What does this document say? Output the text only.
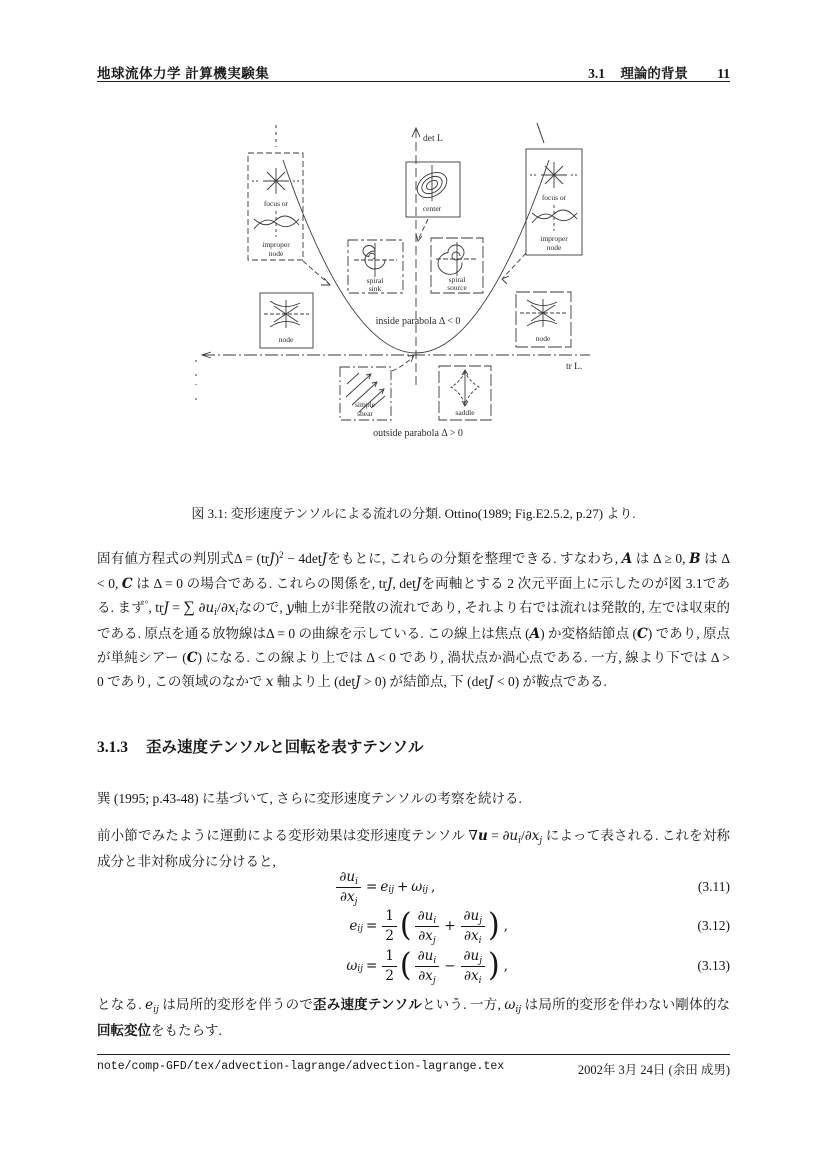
地球流体力学 計算機実験集	3.1 理論的背景 11
det L
tr L.
inside parabola Δ < 0
outside parabola Δ > 0
focus or
improper
node
focus or
improper
node
center
spiral
sink
spiral
source
node	node
simple
shear	saddle
図 3.1: 変形速度テンソルによる流れの分類. Ottino(1989; Fig.E2.5.2, p.27) より.
固有値方程式の判別式Δ = (trJ)$^2$ − 4detJをもとに, これらの分類を整理できる. すなわち, A は Δ ≥ 0, B は Δ < 0, C は Δ = 0 の場合である. これらの関係を, trJ, detJを両軸とする 2 次元平面上に示したのが図 3.1である. まず°, trJ = ∑ $\partial u_i/\partial x_i$なので, y軸上が非発散の流れであり, それより右では流れは発散的, 左では収束的である. 原点を通る放物線はΔ = 0 の曲線を示している. この線上は焦点 (A) か変格結節点 (C) であり, 原点が単純シアー (C) になる. この線より上では Δ < 0 であり, 渦状点か渦心点である. 一方, 線より下では Δ > 0 であり, この領域のなかで x 軸より上 (detJ > 0) が結節点, 下 (detJ < 0) が鞍点である.
3.1.3 歪み速度テンソルと回転を表すテンソル
巽 (1995; p.43-48) に基づいて, さらに変形速度テンソルの考察を続ける.
前小節でみたように運動による変形効果は変形速度テンソル $\nabla u = \partial u_i/\partial x_j$ によって表される. これを対称成分と非対称成分に分けると,
$\frac{\partial u_i}{\partial x_j} = e$ ij + ω ij ,	(3.11)
e ij = $\frac{1}{2}$ ( $\frac{\partial u_i}{\partial x_j} + \frac{\partial u_j}{\partial x_i}$ ) ,	(3.12)
ω ij = $\frac{1}{2}$ ( $\frac{\partial u_i}{\partial x_j} - \frac{\partial u_j}{\partial x_i}$ ) ,	(3.13)
となる. $e_{ij}$ は局所的変形を伴うので歪み速度テンソルという. 一方, $\omega_{ij}$ は局所的変形を伴わない剛体的な回転変位をもたらす.
note/comp-GFD/tex/advection-lagrange/advection-lagrange.tex	2002年 3月 24日 (余田 成男)
